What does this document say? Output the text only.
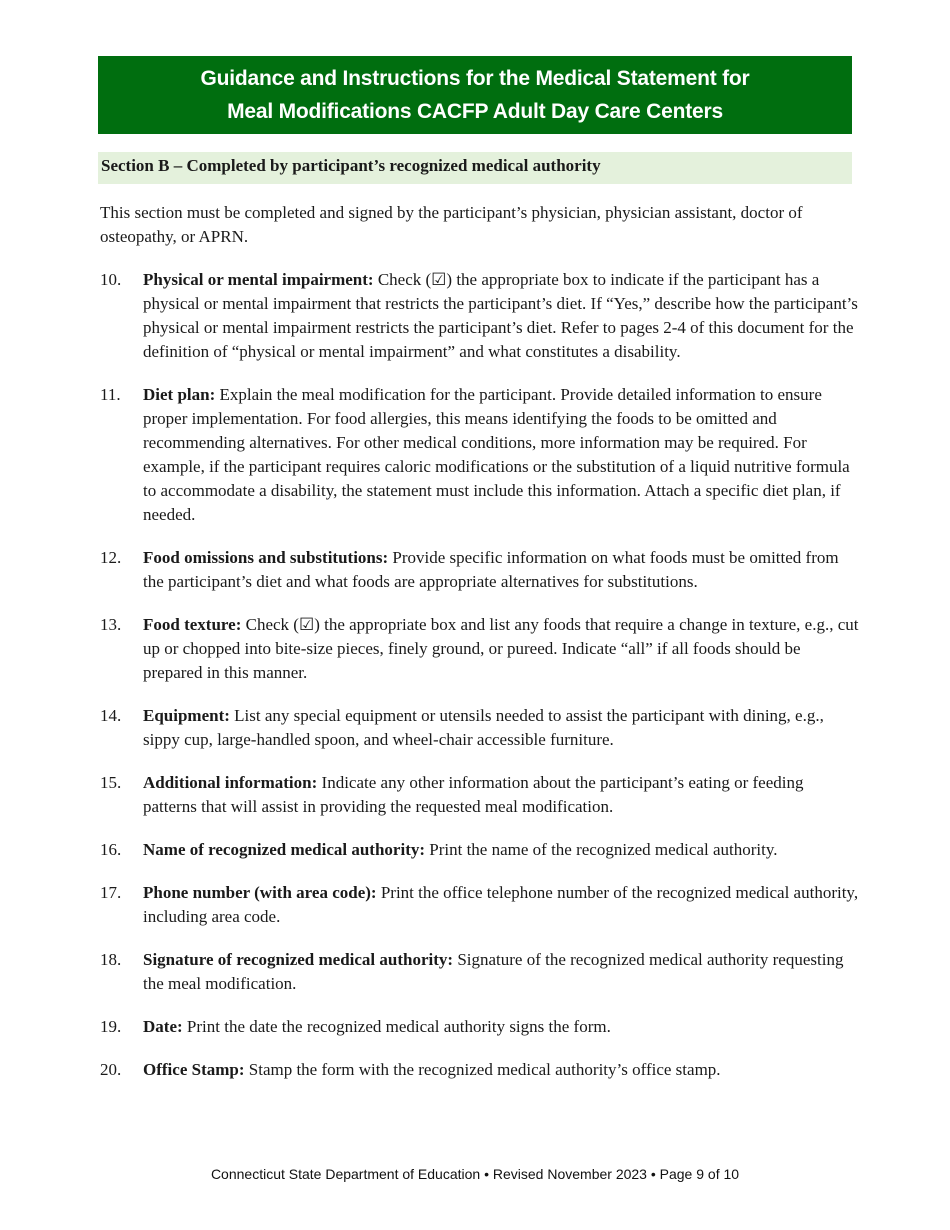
Guidance and Instructions for the Medical Statement for
Meal Modifications CACFP Adult Day Care Centers
Section B – Completed by participant’s recognized medical authority
This section must be completed and signed by the participant’s physician, physician assistant, doctor of osteopathy, or APRN.
10. Physical or mental impairment: Check (☑) the appropriate box to indicate if the participant has a physical or mental impairment that restricts the participant’s diet. If “Yes,” describe how the participant’s physical or mental impairment restricts the participant’s diet. Refer to pages 2-4 of this document for the definition of “physical or mental impairment” and what constitutes a disability.
11. Diet plan: Explain the meal modification for the participant. Provide detailed information to ensure proper implementation. For food allergies, this means identifying the foods to be omitted and recommending alternatives. For other medical conditions, more information may be required. For example, if the participant requires caloric modifications or the substitution of a liquid nutritive formula to accommodate a disability, the statement must include this information. Attach a specific diet plan, if needed.
12. Food omissions and substitutions: Provide specific information on what foods must be omitted from the participant’s diet and what foods are appropriate alternatives for substitutions.
13. Food texture: Check (☑) the appropriate box and list any foods that require a change in texture, e.g., cut up or chopped into bite-size pieces, finely ground, or pureed. Indicate “all” if all foods should be prepared in this manner.
14. Equipment: List any special equipment or utensils needed to assist the participant with dining, e.g., sippy cup, large-handled spoon, and wheel-chair accessible furniture.
15. Additional information: Indicate any other information about the participant’s eating or feeding patterns that will assist in providing the requested meal modification.
16. Name of recognized medical authority: Print the name of the recognized medical authority.
17. Phone number (with area code): Print the office telephone number of the recognized medical authority, including area code.
18. Signature of recognized medical authority: Signature of the recognized medical authority requesting the meal modification.
19. Date: Print the date the recognized medical authority signs the form.
20. Office Stamp: Stamp the form with the recognized medical authority’s office stamp.
Connecticut State Department of Education • Revised November 2023 • Page 9 of 10
